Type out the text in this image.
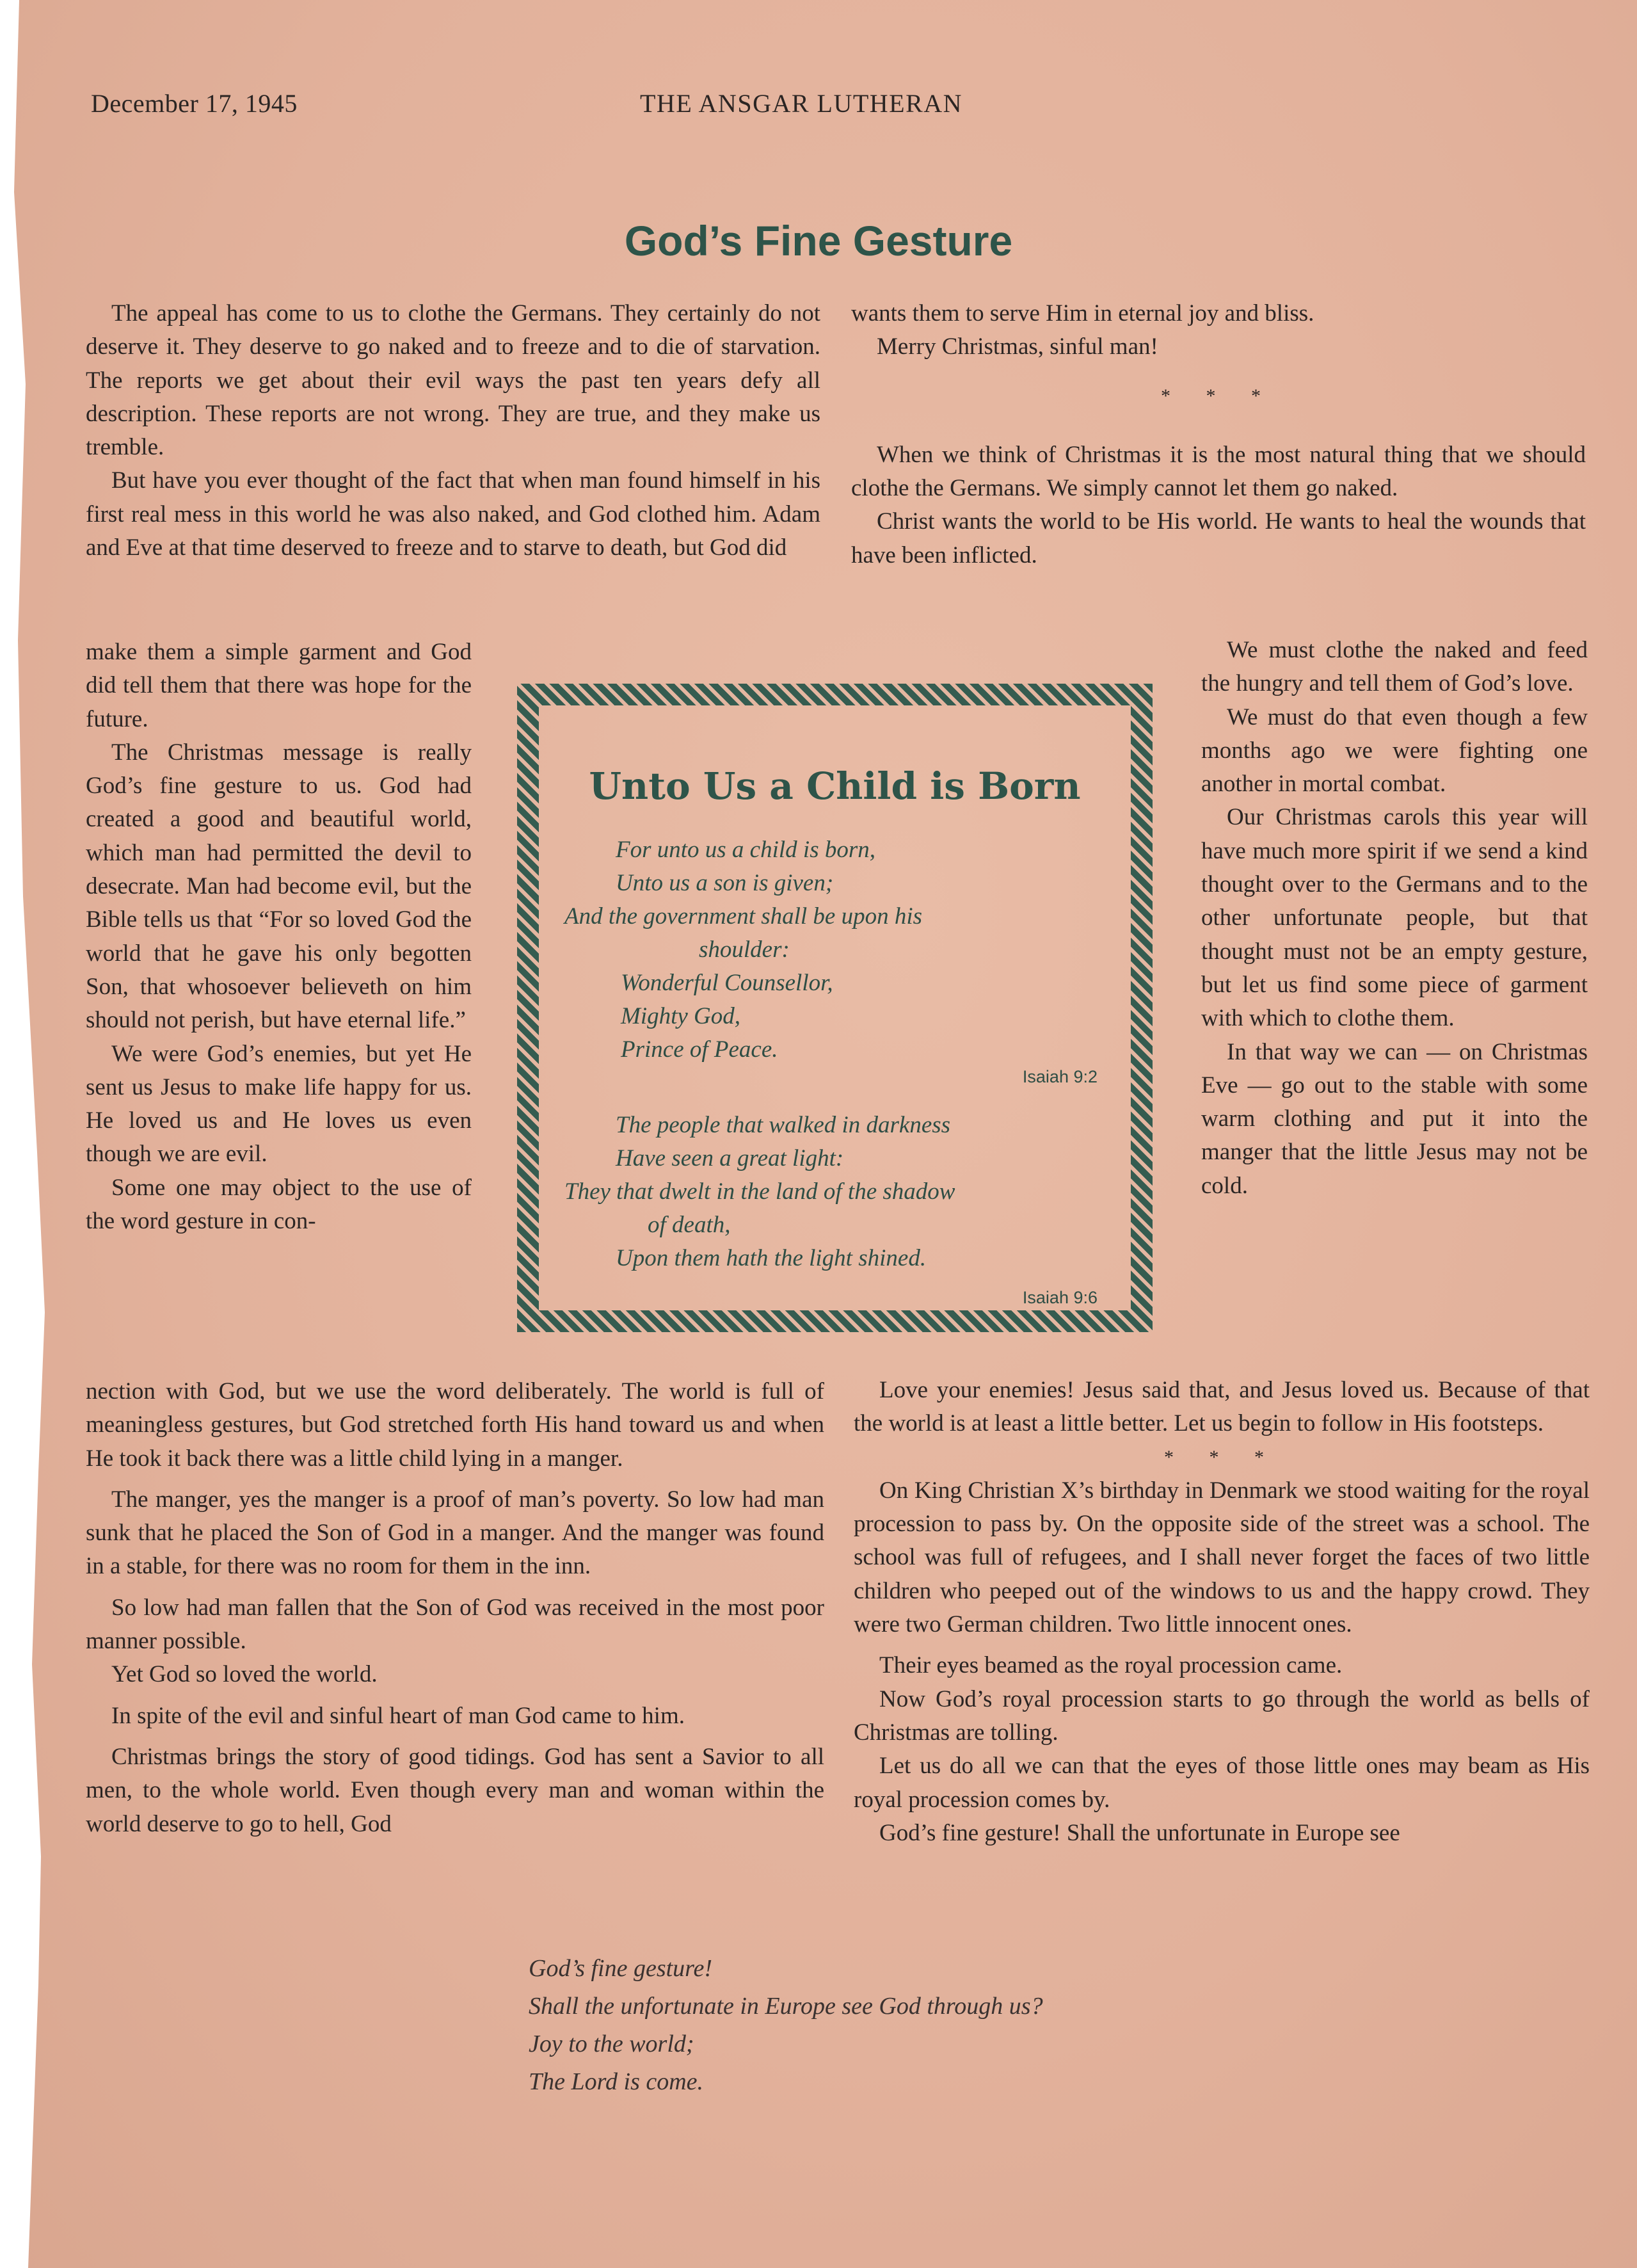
December 17, 1945	THE ANSGAR LUTHERAN
God’s Fine Gesture

The appeal has come to us to clothe the Germans. They certainly do not deserve it. They deserve to go naked and to freeze and to die of starvation. The reports we get about their evil ways the past ten years defy all description. These reports are not wrong. They are true, and they make us tremble.

But have you ever thought of the fact that when man found himself in his first real mess in this world he was also naked, and God clothed him. Adam and Eve at that time deserved to freeze and to starve to death, but God did

make them a simple garment and God did tell them that there was hope for the future.

The Christmas message is really God’s fine gesture to us. God had created a good and beautiful world, which man had permitted the devil to desecrate. Man had become evil, but the Bible tells us that “For so loved God the world that he gave his only begotten Son, that whosoever believeth on him should not perish, but have eternal life.”

We were God’s enemies, but yet He sent us Jesus to make life happy for us. He loved us and He loves us even though we are evil.

Some one may object to the use of the word gesture in con-

nection with God, but we use the word deliberately. The world is full of meaningless gestures, but God stretched forth His hand toward us and when He took it back there was a little child lying in a manger.

The manger, yes the manger is a proof of man’s poverty. So low had man sunk that he placed the Son of God in a manger. And the manger was found in a stable, for there was no room for them in the inn.

So low had man fallen that the Son of God was received in the most poor manner possible.

Yet God so loved the world.

In spite of the evil and sinful heart of man God came to him.

Christmas brings the story of good tidings. God has sent a Savior to all men, to the whole world. Even though every man and woman within the world deserve to go to hell, God

wants them to serve Him in eternal joy and bliss.

Merry Christmas, sinful man!

* * *

When we think of Christmas it is the most natural thing that we should clothe the Germans. We simply cannot let them go naked.

Christ wants the world to be His world. He wants to heal the wounds that have been inflicted.

We must clothe the naked and feed the hungry and tell them of God’s love.

We must do that even though a few months ago we were fighting one another in mortal combat.

Our Christmas carols this year will have much more spirit if we send a kind thought over to the Germans and to the other unfortunate people, but that thought must not be an empty gesture, but let us find some piece of garment with which to clothe them.

In that way we can — on Christmas Eve — go out to the stable with some warm clothing and put it into the manger that the little Jesus may not be cold.

Love your enemies! Jesus said that, and Jesus loved us. Because of that the world is at least a little better. Let us begin to follow in His footsteps.

* * *

On King Christian X’s birthday in Denmark we stood waiting for the royal procession to pass by. On the opposite side of the street was a school. The school was full of refugees, and I shall never forget the faces of two little children who peeped out of the windows to us and the happy crowd. They were two German children. Two little innocent ones.

Their eyes beamed as the royal procession came.

Now God’s royal procession starts to go through the world as bells of Christmas are tolling.

Let us do all we can that the eyes of those little ones may beam as His royal procession comes by.

God’s fine gesture! Shall the unfortunate in Europe see

Unto Us a Child is Born
For unto us a child is born,
Unto us a son is given;
And the government shall be upon his
shoulder:
Wonderful Counsellor,
Mighty God,
Prince of Peace.
Isaiah 9:2
The people that walked in darkness
Have seen a great light:
They that dwelt in the land of the shadow
of death,
Upon them hath the light shined.
Isaiah 9:6
God’s fine gesture!
Shall the unfortunate in Europe see God through us?
Joy to the world;
The Lord is come.
